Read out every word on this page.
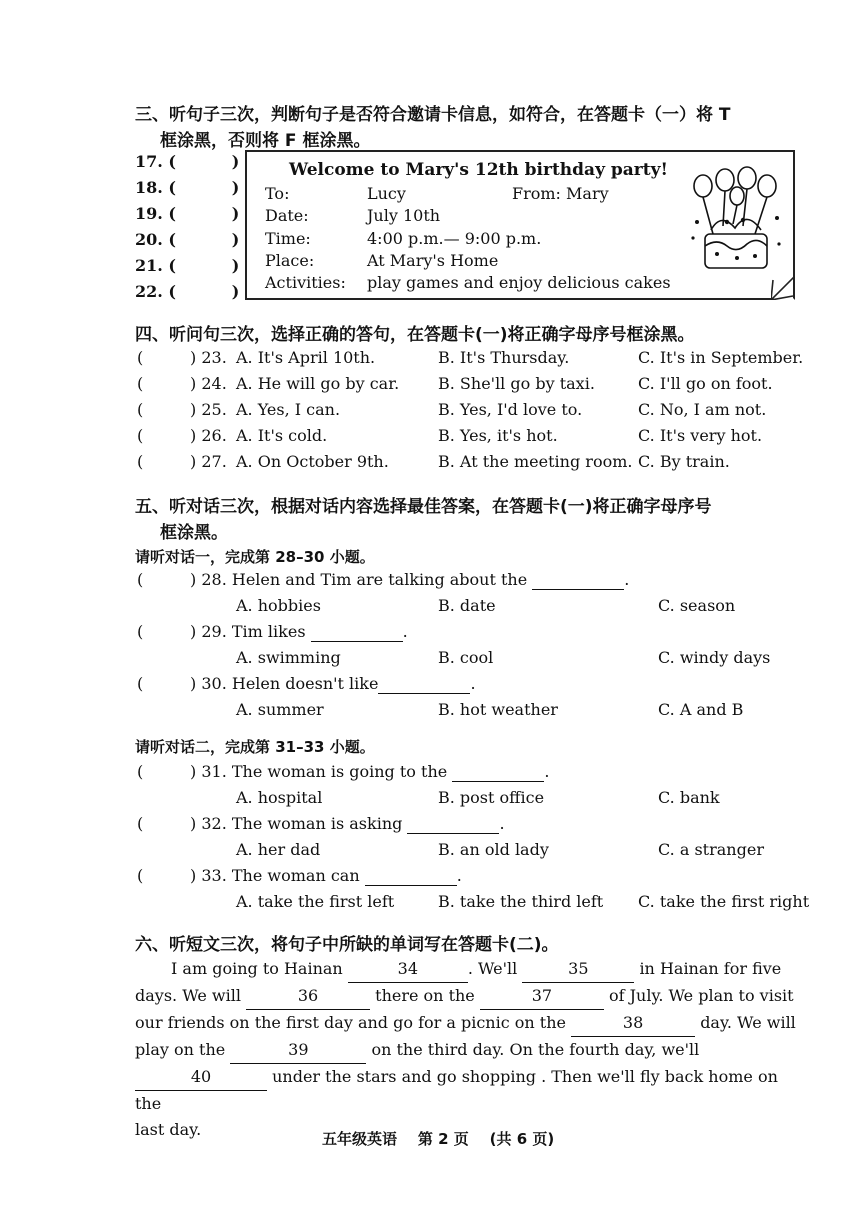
三、听句子三次，判断句子是否符合邀请卡信息，如符合，在答题卡（一）将 T
框涂黑，否则将 F 框涂黑。
17. (          )
18. (          )
19. (          )
20. (          )
21. (          )
22. (          )
Welcome to Mary's 12th birthday party!
To:	Lucy	From: Mary
Date:	July 10th
Time:	4:00 p.m.— 9:00 p.m.
Place:	At Mary's Home
Activities: play games and enjoy delicious cakes
四、听问句三次，选择正确的答句，在答题卡(一)将正确字母序号框涂黑。
(	) 23. A. It's April 10th.	B. It's Thursday.	C. It's in September.
(	) 24. A. He will go by car. B. She'll go by taxi.	C. I'll go on foot.
(	) 25. A. Yes, I can.	B. Yes, I'd love to.	C. No, I am not.
(	) 26. A. It's cold.	B. Yes, it's hot.	C. It's very hot.
(	) 27. A. On October 9th.	B. At the meeting room. C. By train.
五、听对话三次，根据对话内容选择最佳答案，在答题卡(一)将正确字母序号
框涂黑。
请听对话一，完成第 28–30 小题。
(	) 28. Helen and Tim are talking about the	.
A. hobbies	B. date	C. season
(	) 29. Tim likes	.
A. swimming	B. cool	C. windy days
(	) 30. Helen doesn't like	.
A. summer	B. hot weather	C. A and B
请听对话二，完成第 31–33 小题。
(	) 31. The woman is going to the	.
A. hospital	B. post office	C. bank
(	) 32. The woman is asking	.
A. her dad	B. an old lady	C. a stranger
(	) 33. The woman can	.
A. take the first left	B. take the third left C. take the first right
六、听短文三次，将句子中所缺的单词写在答题卡(二)。
I am going to Hainan	34	. We'll	35	in Hainan for five
days. We will	36	there on the	37	of July. We plan to visit
our friends on the first day and go for a picnic on the	38	day. We will
play on the	39	on the third day. On the fourth day, we'll
40	under the stars and go shopping . Then we'll fly back home on the
last day.	五年级英语    第 2 页    (共 6 页)
